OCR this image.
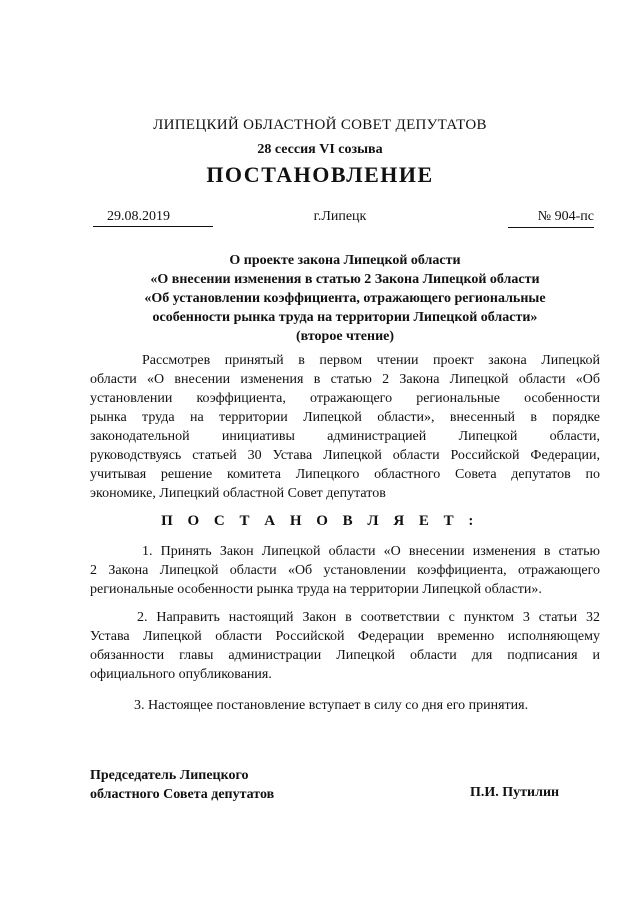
ЛИПЕЦКИЙ ОБЛАСТНОЙ СОВЕТ ДЕПУТАТОВ
28 сессия VI созыва
ПОСТАНОВЛЕНИЕ
29.08.2019	г.Липецк	№ 904-пс
О проекте закона Липецкой области
«О внесении изменения в статью 2 Закона Липецкой области
«Об установлении коэффициента, отражающего региональные
особенности рынка труда на территории Липецкой области»
(второе чтение)
Рассмотрев принятый в первом чтении проект закона Липецкой
области «О внесении изменения в статью 2 Закона Липецкой области «Об
установлении коэффициента, отражающего региональные особенности
рынка труда на территории Липецкой области», внесенный в порядке
законодательной инициативы администрацией Липецкой области,
руководствуясь статьей 30 Устава Липецкой области Российской Федерации,
учитывая решение комитета Липецкого областного Совета депутатов по
экономике, Липецкий областной Совет депутатов
П О С Т А Н О В Л Я Е Т :
1. Принять Закон Липецкой области «О внесении изменения в статью
2 Закона Липецкой области «Об установлении коэффициента, отражающего
региональные особенности рынка труда на территории Липецкой области».
2. Направить настоящий Закон в соответствии с пунктом 3 статьи 32
Устава Липецкой области Российской Федерации временно исполняющему
обязанности главы администрации Липецкой области для подписания и
официального опубликования.
3. Настоящее постановление вступает в силу со дня его принятия.
Председатель Липецкого
областного Совета депутатов	П.И. Путилин
